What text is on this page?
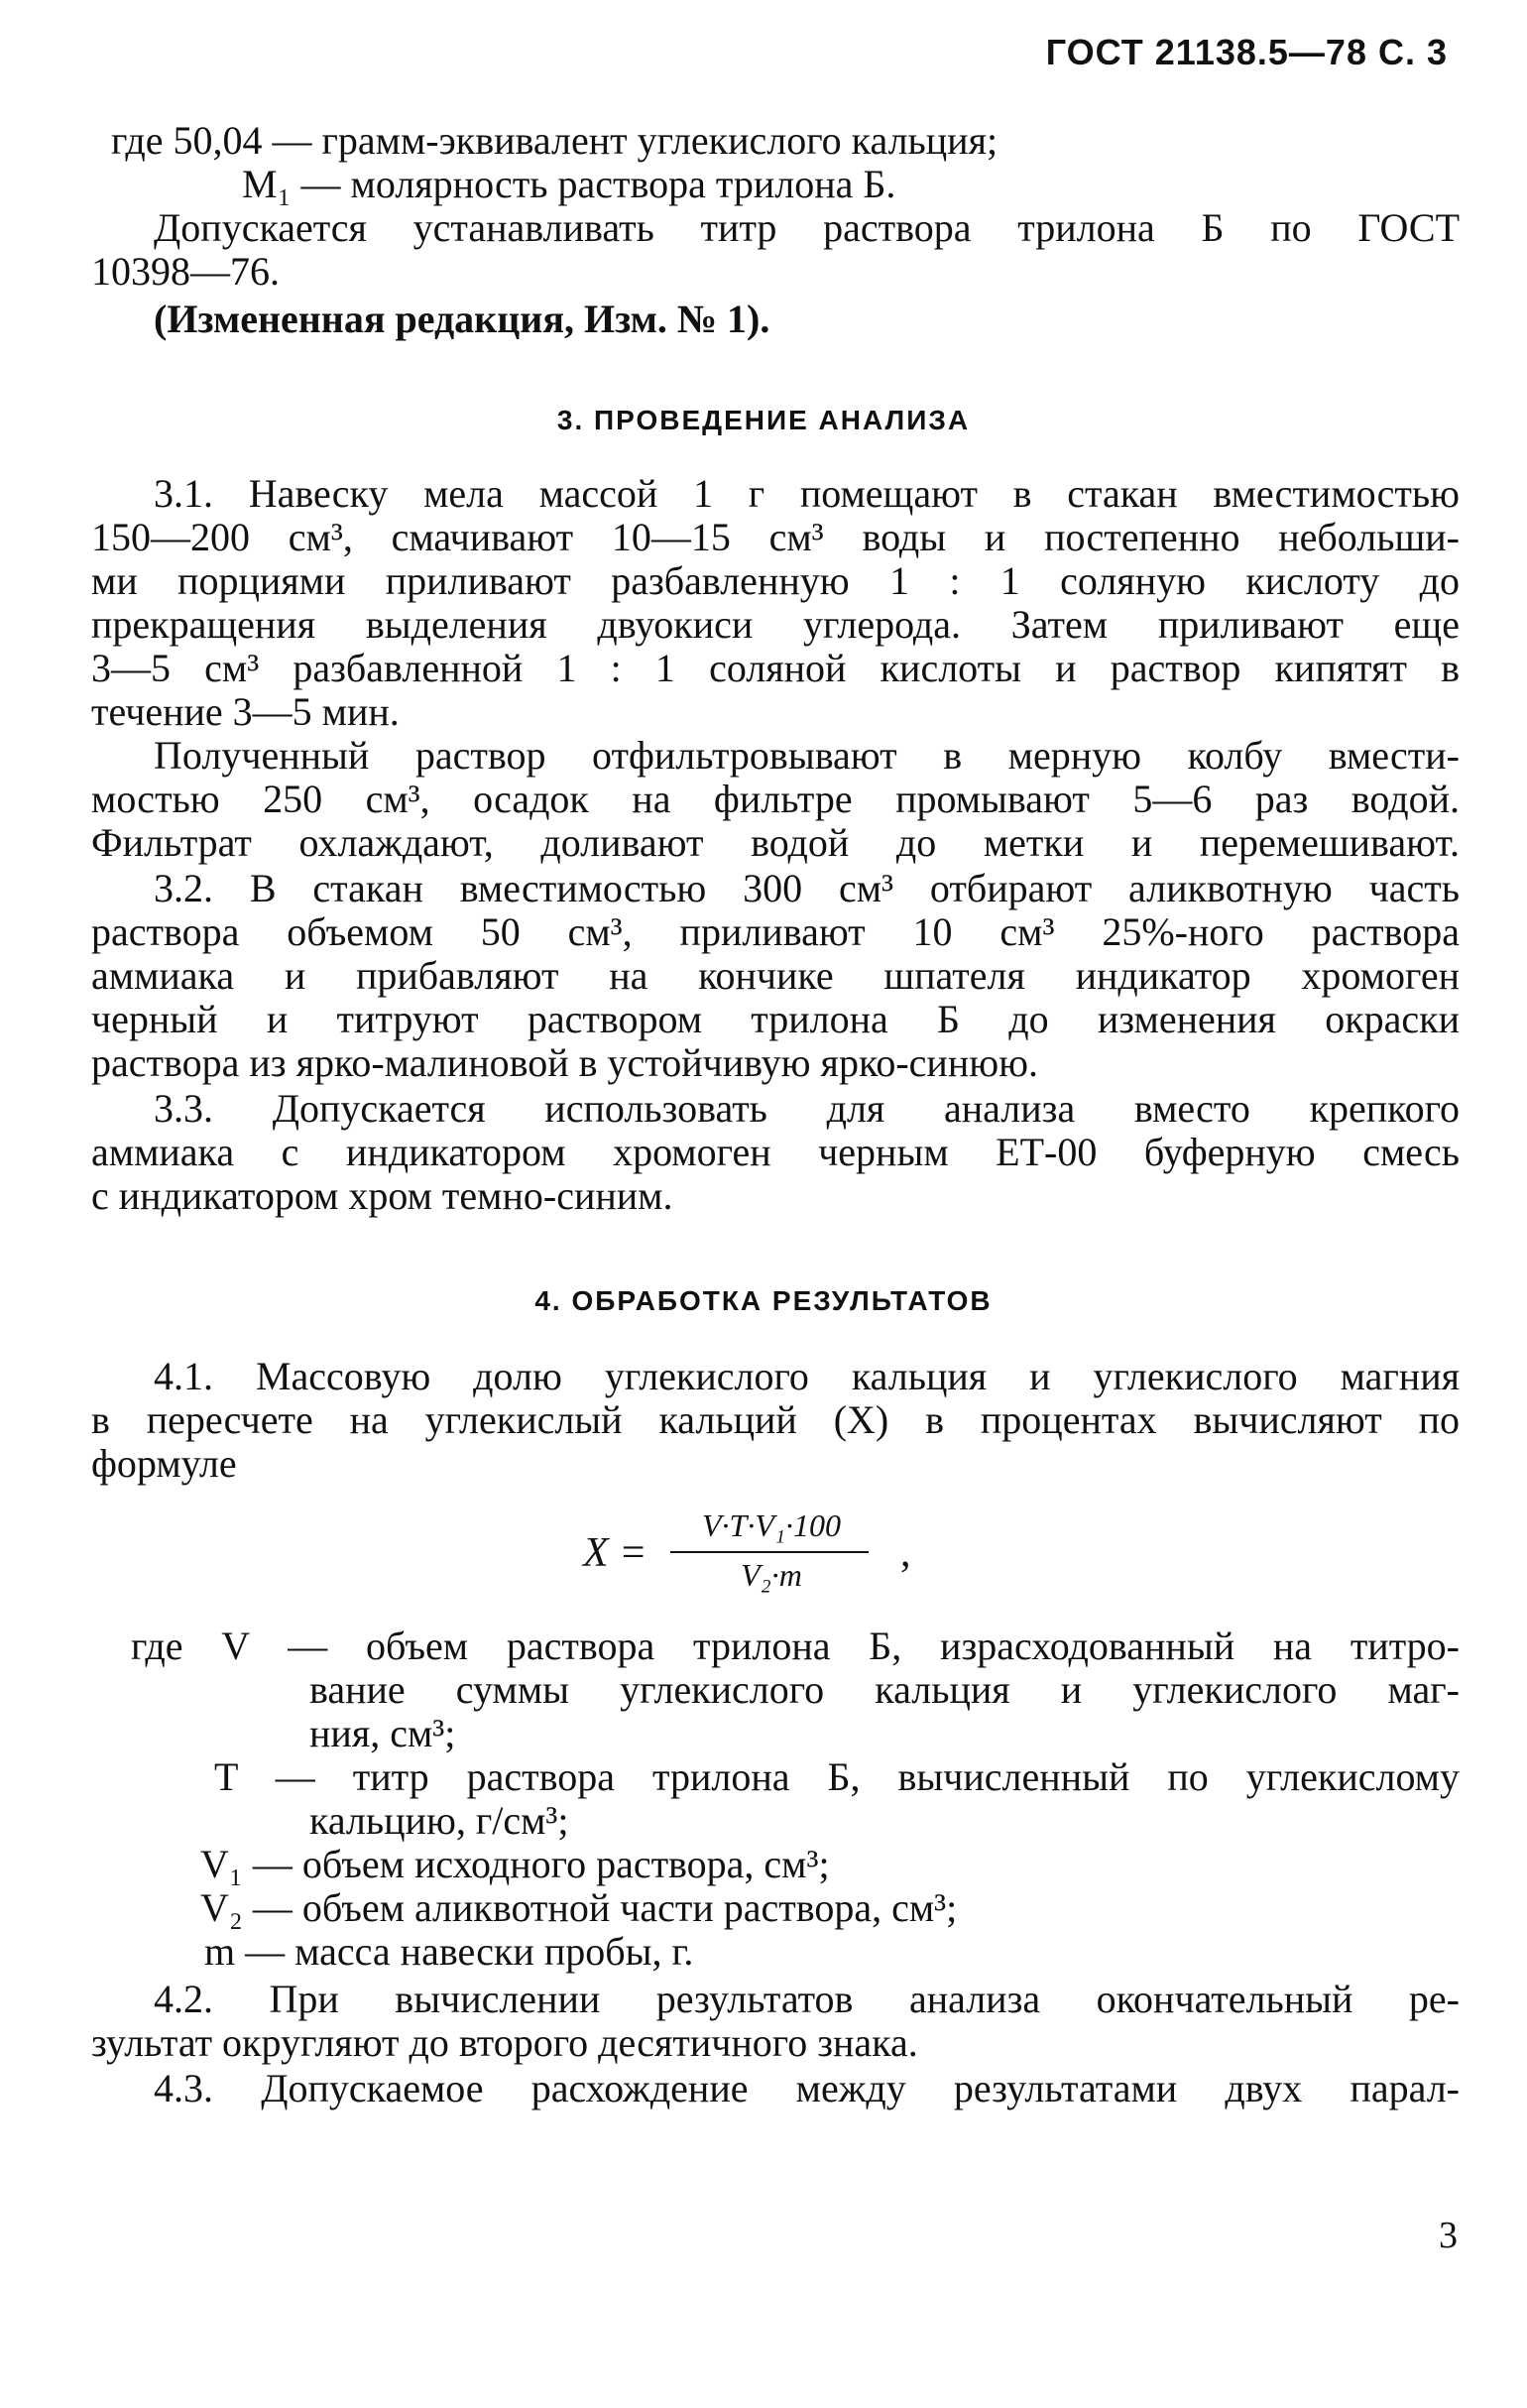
ГОСТ 21138.5—78 С. 3
где 50,04 — грамм-эквивалент углекислого кальция;
M₁ — молярность раствора трилона Б.
Допускается устанавливать титр раствора трилона Б по ГОСТ
10398—76.
(Измененная редакция, Изм. № 1).
3. ПРОВЕДЕНИЕ АНАЛИЗА
3.1. Навеску мела массой 1 г помещают в стакан вместимостью
150—200 см³, смачивают 10—15 см³ воды и постепенно небольши-
ми порциями приливают разбавленную 1 : 1 соляную кислоту до
прекращения выделения двуокиси углерода. Затем приливают еще
3—5 см³ разбавленной 1 : 1 соляной кислоты и раствор кипятят в
течение 3—5 мин.
Полученный раствор отфильтровывают в мерную колбу вмести-
мостью 250 см³, осадок на фильтре промывают 5—6 раз водой.
Фильтрат охлаждают, доливают водой до метки и перемешивают.
3.2. В стакан вместимостью 300 см³ отбирают аликвотную часть
раствора объемом 50 см³, приливают 10 см³ 25%-ного раствора
аммиака и прибавляют на кончике шпателя индикатор хромоген
черный и титруют раствором трилона Б до изменения окраски
раствора из ярко-малиновой в устойчивую ярко-синюю.
3.3. Допускается использовать для анализа вместо крепкого
аммиака с индикатором хромоген черным ЕТ-00 буферную смесь
с индикатором хром темно-синим.
4. ОБРАБОТКА РЕЗУЛЬТАТОВ
4.1. Массовую долю углекислого кальция и углекислого магния
в пересчете на углекислый кальций (X) в процентах вычисляют по
формуле
X =
V·T·V₁·100
V₂·m	,
где V — объем раствора трилона Б, израсходованный на титро-
вание суммы углекислого кальция и углекислого маг-
ния, см³;
T — титр раствора трилона Б, вычисленный по углекислому
кальцию, г/см³;
V₁ — объем исходного раствора, см³;
V₂ — объем аликвотной части раствора, см³;
m — масса навески пробы, г.
4.2. При вычислении результатов анализа окончательный ре-
зультат округляют до второго десятичного знака.
4.3. Допускаемое расхождение между результатами двух парал-
3
